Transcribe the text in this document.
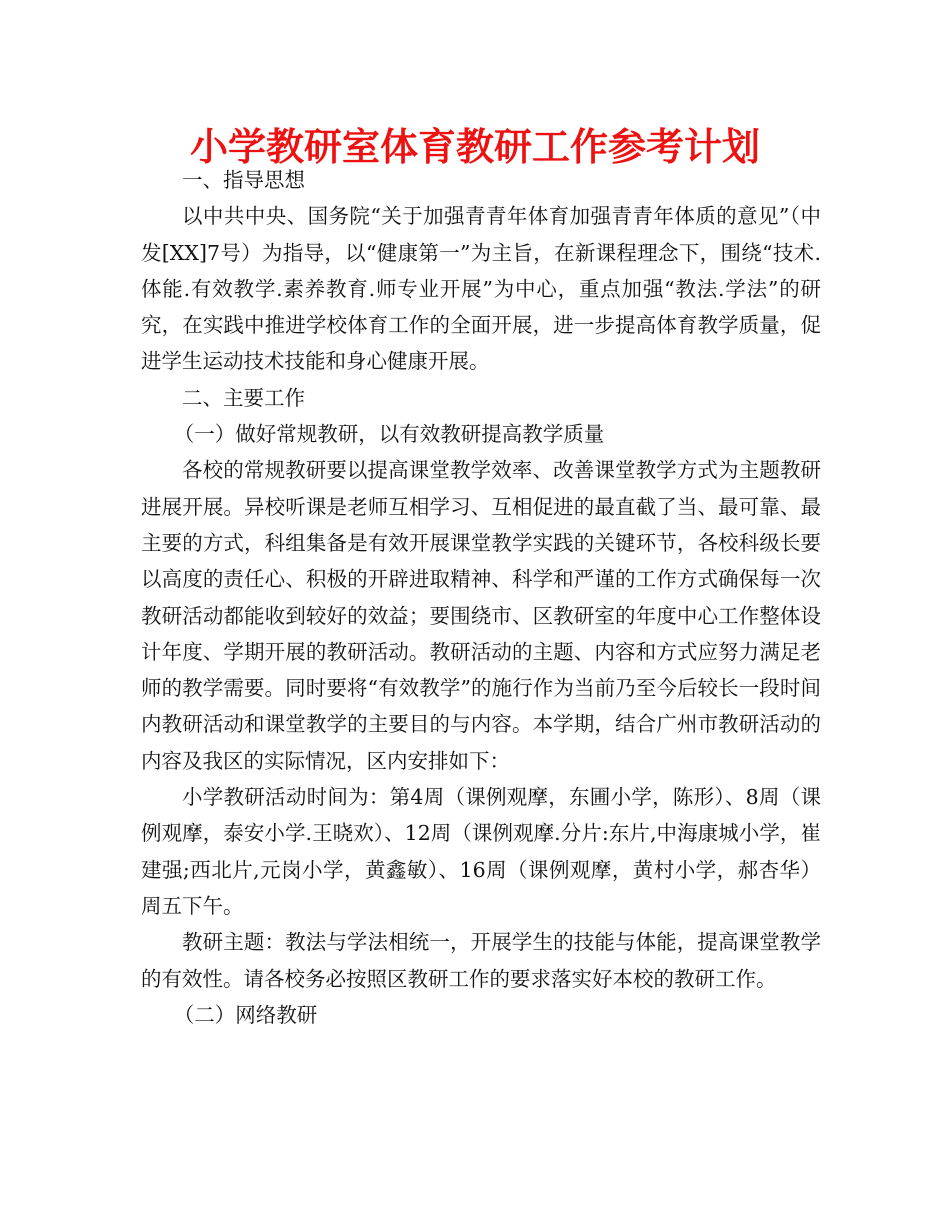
小学教研室体育教研工作参考计划

一、指导思想

以中共中央、国务院“关于加强青青年体育加强青青年体质的意见”（中发[XX]7号）为指导，以“健康第一”为主旨，在新课程理念下，围绕“技术.体能.有效教学.素养教育.师专业开展”为中心，重点加强“教法.学法”的研究，在实践中推进学校体育工作的全面开展，进一步提高体育教学质量，促进学生运动技术技能和身心健康开展。

二、主要工作

（一）做好常规教研，以有效教研提高教学质量

各校的常规教研要以提高课堂教学效率、改善课堂教学方式为主题教研进展开展。异校听课是老师互相学习、互相促进的最直截了当、最可靠、最主要的方式，科组集备是有效开展课堂教学实践的关键环节，各校科级长要以高度的责任心、积极的开辟进取精神、科学和严谨的工作方式确保每一次教研活动都能收到较好的效益；要围绕市、区教研室的年度中心工作整体设计年度、学期开展的教研活动。教研活动的主题、内容和方式应努力满足老师的教学需要。同时要将“有效教学”的施行作为当前乃至今后较长一段时间内教研活动和课堂教学的主要目的与内容。本学期，结合广州市教研活动的内容及我区的实际情况，区内安排如下：

小学教研活动时间为：第4周（课例观摩，东圃小学，陈形）、8周（课例观摩，泰安小学.王晓欢）、12周（课例观摩.分片:东片,中海康城小学，崔建强;西北片,元岗小学，黄鑫敏）、16周（课例观摩，黄村小学，郝杏华）周五下午。

教研主题：教法与学法相统一，开展学生的技能与体能，提高课堂教学的有效性。请各校务必按照区教研工作的要求落实好本校的教研工作。

（二）网络教研
